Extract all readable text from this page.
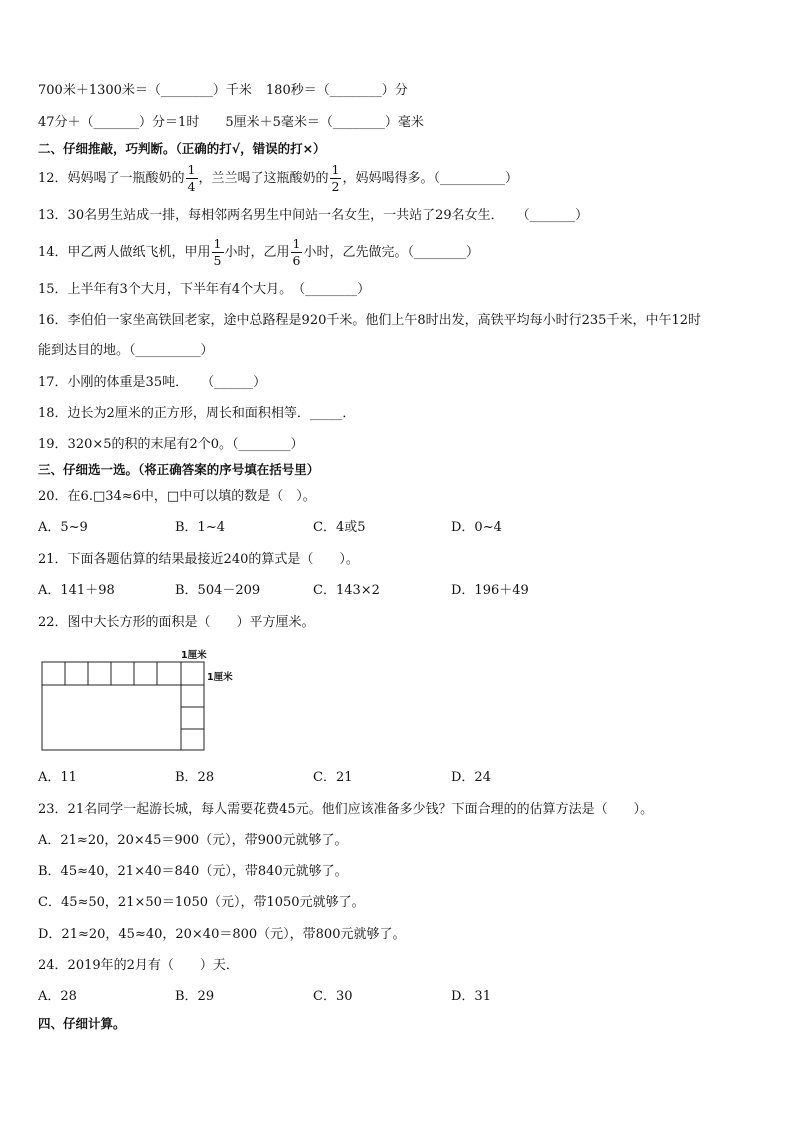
700米＋1300米＝（________）千米 180秒＝（________）分
47分＋（_______）分＝1时 5厘米＋5毫米＝（________）毫米
二、仔细推敲，巧判断。（正确的打√，错误的打×）
12．妈妈喝了一瓶酸奶的 $\frac{1}{4}$ ，兰兰喝了这瓶酸奶的 $\frac{1}{2}$ ，妈妈喝得多。（__________）
13．30名男生站成一排，每相邻两名男生中间站一名女生，一共站了29名女生．　　（_______）
14．甲乙两人做纸飞机，甲用 $\frac{1}{5}$ 小时，乙用 $\frac{1}{6}$ 小时，乙先做完。（________）
15．上半年有3个大月，下半年有4个大月。　（________）
16．李伯伯一家坐高铁回老家，途中总路程是920千米。他们上午8时出发，高铁平均每小时行235千米，中午12时
能到达目的地。（__________）
17．小刚的体重是35吨．　　（______）
18．边长为2厘米的正方形，周长和面积相等．_____．
19．320×5的积的末尾有2个0。（________）
三、仔细选一选。（将正确答案的序号填在括号里）
20．在6.□34≈6中，□中可以填的数是（　）。
A．5~9	B．1~4	C．4或5	D．0~4
21．下面各题估算的结果最接近240的算式是（　　）。
A．141＋98	B．504－209	C．143×2	D．196＋49
22．图中大长方形的面积是（　　）平方厘米。
1厘米
1厘米
A．11	B．28	C．21	D．24
23．21名同学一起游长城，每人需要花费45元。他们应该准备多少钱？下面合理的的估算方法是（　　）。
A．21≈20，20×45＝900（元），带900元就够了。
B．45≈40，21×40＝840（元），带840元就够了。
C．45≈50，21×50＝1050（元），带1050元就够了。
D．21≈20，45≈40，20×40＝800（元），带800元就够了。
24．2019年的2月有（　　）天．
A．28	B．29	C．30	D．31
四、仔细计算。
